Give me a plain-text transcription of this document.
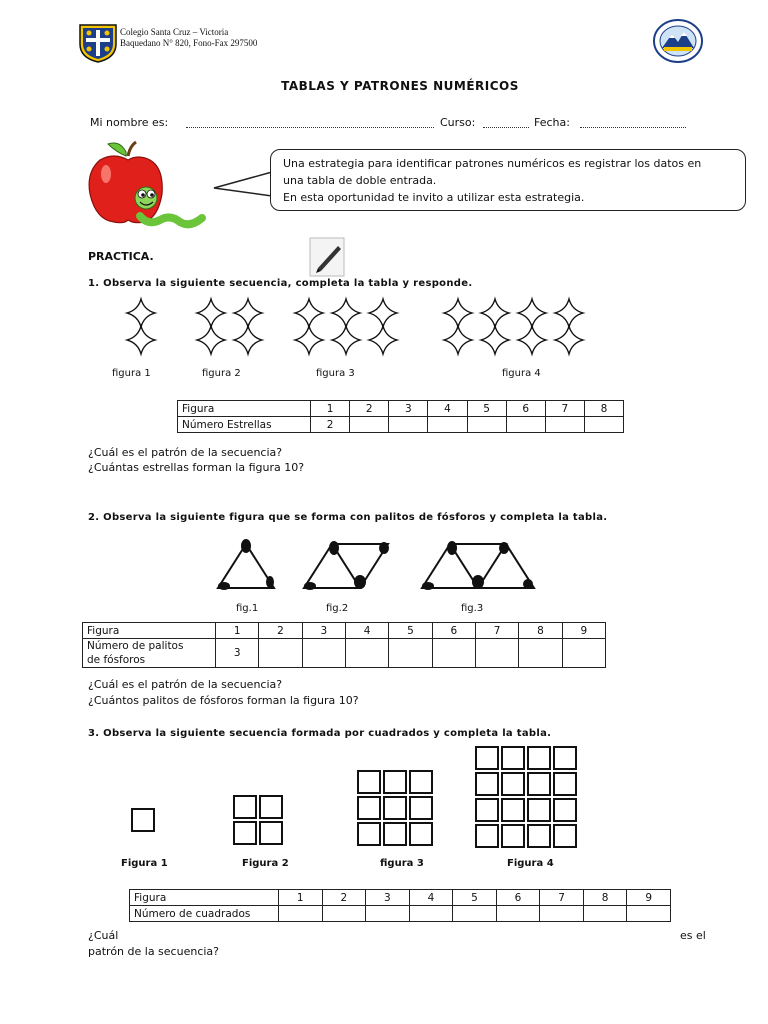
Colegio Santa Cruz – Victoria
Baquedano N° 820, Fono-Fax 297500
TABLAS Y PATRONES NUMÉRICOS
Mi nombre es:	Curso:	Fecha:
Una estrategia para identificar patrones numéricos es registrar los datos en
una tabla de doble entrada.
En esta oportunidad te invito a utilizar esta estrategia.
PRACTICA.
1. Observa la siguiente secuencia, completa la tabla y responde.
figura 1	figura 2	figura 3	figura 4
Figura	1	2	3	4	5	6	7	8
Número Estrellas	2							
¿Cuál es el patrón de la secuencia?
¿Cuántas estrellas forman la figura 10?
2. Observa la siguiente figura que se forma con palitos de fósforos y completa la tabla.
fig.1	fig.2	fig.3
Figura	1	2	3	4	5	6	7	8	9
Número de palitos
de fósforos	3								
¿Cuál es el patrón de la secuencia?
¿Cuántos palitos de fósforos forman la figura 10?
3. Observa la siguiente secuencia formada por cuadrados y completa la tabla.
Figura 1	Figura 2	figura 3	Figura 4
Figura	1	2	3	4	5	6	7	8	9
Número de cuadrados									
¿Cuál	es el
patrón de la secuencia?
